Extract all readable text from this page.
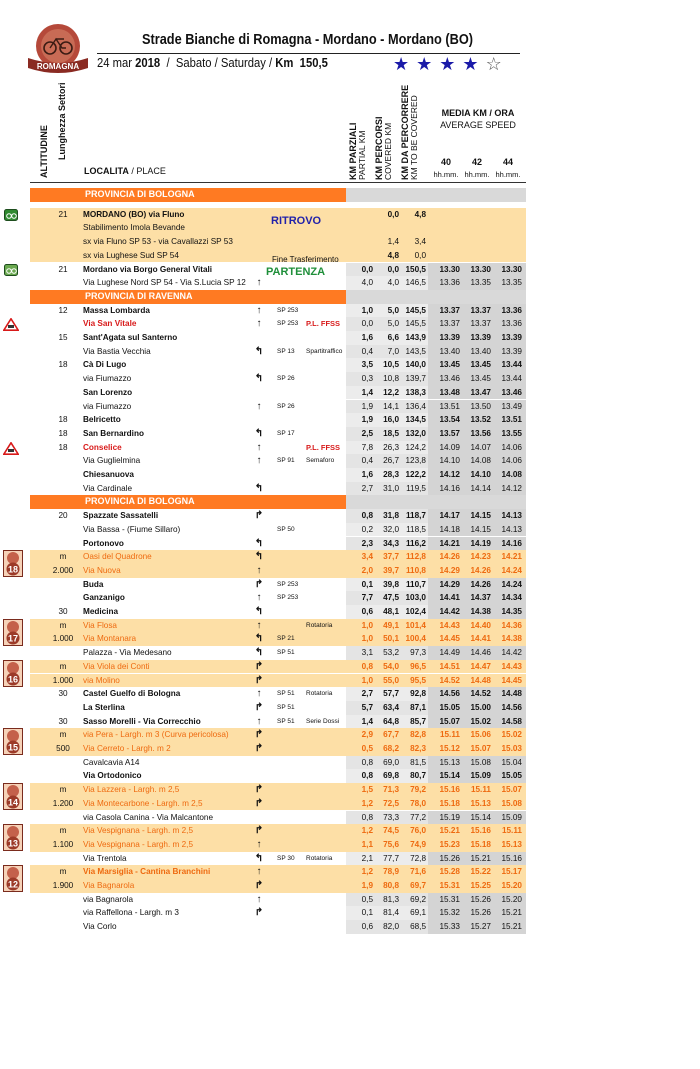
ROMAGNA
Strade Bianche di Romagna - Mordano - Mordano (BO)
24 mar 2018 / Sabato / Saturday / Km 150,5	★★★★☆
ALTITUDINE Lunghezza Settori
LOCALITA / PLACE	KM PARZIALI
PARTIAL KM KM PERCORSI
COVERED KM KM DA PERCORRERE
KM TO BE COVERED	MEDIA KM / ORA
AVERAGE SPEED
40	42	44
hh.mm. hh.mm. hh.mm.
PROVINCIA DI BOLOGNA
21	MORDANO (BO) via Fluno	0,0	4,8
Stabilimento Imola Bevande
sx via Fluno SP 53 - via Cavallazzi SP 53	1,4	3,4
sx via Lughese Sud SP 54	4,8	0,0
21	Mordano via Borgo General Vitali	0,0	0,0 150,5	13.30	13.30	13.30
Via Lughese Nord SP 54 - Via S.Lucia SP 12	↑	4,0	4,0 146,5	13.36	13.35	13.35
PROVINCIA DI RAVENNA
12	Massa Lombarda	↑	SP 253	1,0	5,0 145,5	13.37	13.37	13.36
Via San Vitale	↑	SP 253 P.L. FFSS	0,0	5,0 145,5	13.37	13.37	13.36
15	Sant'Agata sul Santerno	1,6	6,6 143,9	13.39	13.39	13.39
Via Bastia Vecchia	↰ SP 13 Spartitraffico	0,4	7,0 143,5	13.40	13.40	13.39
18	Cà Di Lugo	3,5	10,5 140,0	13.45	13.45	13.44
via Fiumazzo	↰ SP 26	0,3	10,8 139,7	13.46	13.45	13.44
San Lorenzo	1,4	12,2 138,3	13.48	13.47	13.46
via Fiumazzo	↑	SP 26	1,9	14,1 136,4	13.51	13.50	13.49
18	Belricetto	1,9	16,0 134,5	13.54	13.52	13.51
18	San Bernardino	↰ SP 17	2,5	18,5 132,0	13.57	13.56	13.55
18	Conselice	↑	P.L. FFSS	7,8	26,3 124,2	14.09	14.07	14.06
Via Guglielmina	↑	SP 91 Semaforo	0,4	26,7 123,8	14.10	14.08	14.06
Chiesanuova	1,6	28,3 122,2	14.12	14.10	14.08
Via Cardinale	↰	2,7	31,0 119,5	14.16	14.14	14.12
PROVINCIA DI BOLOGNA
20	Spazzate Sassatelli	↱	0,8	31,8 118,7	14.17	14.15	14.13
Via Bassa - (Fiume Sillaro)	SP 50	0,2	32,0 118,5	14.18	14.15	14.13
Portonovo	↰	2,3	34,3 116,2	14.21	14.19	14.16
m	Oasi del Quadrone	↰	3,4	37,7 112,8	14.26	14.23	14.21
18	2.000	Via Nuova	↑	2,0	39,7 110,8	14.29	14.26	14.24
Buda	↱ SP 253	0,1	39,8 110,7	14.29	14.26	14.24
Ganzanigo	↑	SP 253	7,7	47,5 103,0	14.41	14.37	14.34
30	Medicina	↰	0,6	48,1 102,4	14.42	14.38	14.35
m	Via Flosa	↑	Rotatoria	1,0	49,1 101,4	14.43	14.40	14.36
17	1.000	Via Montanara	↰ SP 21	1,0	50,1 100,4	14.45	14.41	14.38
Palazza - Via Medesano	↰ SP 51	3,1	53,2	97,3	14.49	14.46	14.42
m	Via Viola dei Conti	↱	0,8	54,0	96,5	14.51	14.47	14.43
16	1.000	via Molino	↱	1,0	55,0	95,5	14.52	14.48	14.45
30	Castel Guelfo di Bologna	↑	SP 51 Rotatoria	2,7	57,7	92,8	14.56	14.52	14.48
La Sterlina	↱ SP 51	5,7	63,4	87,1	15.05	15.00	14.56
30	Sasso Morelli - Via Correcchio	↑	SP 51 Serie Dossi	1,4	64,8	85,7	15.07	15.02	14.58
m	via Pera - Largh. m 3 (Curva pericolosa)	↱	2,9	67,7	82,8	15.11	15.06	15.02
15	500	Via Cerreto - Largh. m 2	↱	0,5	68,2	82,3	15.12	15.07	15.03
Cavalcavia A14	0,8	69,0	81,5	15.13	15.08	15.04
Via Ortodonico	0,8	69,8	80,7	15.14	15.09	15.05
m	Via Lazzera - Largh. m 2,5	↱	1,5	71,3	79,2	15.16	15.11	15.07
14	1.200	Via Montecarbone - Largh. m 2,5	↱	1,2	72,5	78,0	15.18	15.13	15.08
via Casola Canina - Via Malcantone	0,8	73,3	77,2	15.19	15.14	15.09
m	Via Vespignana - Largh. m 2,5	↱	1,2	74,5	76,0	15.21	15.16	15.11
13	1.100	Via Vespignana - Largh. m 2,5	↑	1,1	75,6	74,9	15.23	15.18	15.13
Via Trentola	↰ SP 30 Rotatoria	2,1	77,7	72,8	15.26	15.21	15.16
m	Via Marsiglia - Cantina Branchini	↑	1,2	78,9	71,6	15.28	15.22	15.17
12	1.900	Via Bagnarola	↱	1,9	80,8	69,7	15.31	15.25	15.20
via Bagnarola	↑	0,5	81,3	69,2	15.31	15.26	15.20
via Raffellona - Largh. m 3	↱	0,1	81,4	69,1	15.32	15.26	15.21
Via Corlo	0,6	82,0	68,5	15.33	15.27	15.21
RITROVO
Fine Trasferimento
PARTENZA
